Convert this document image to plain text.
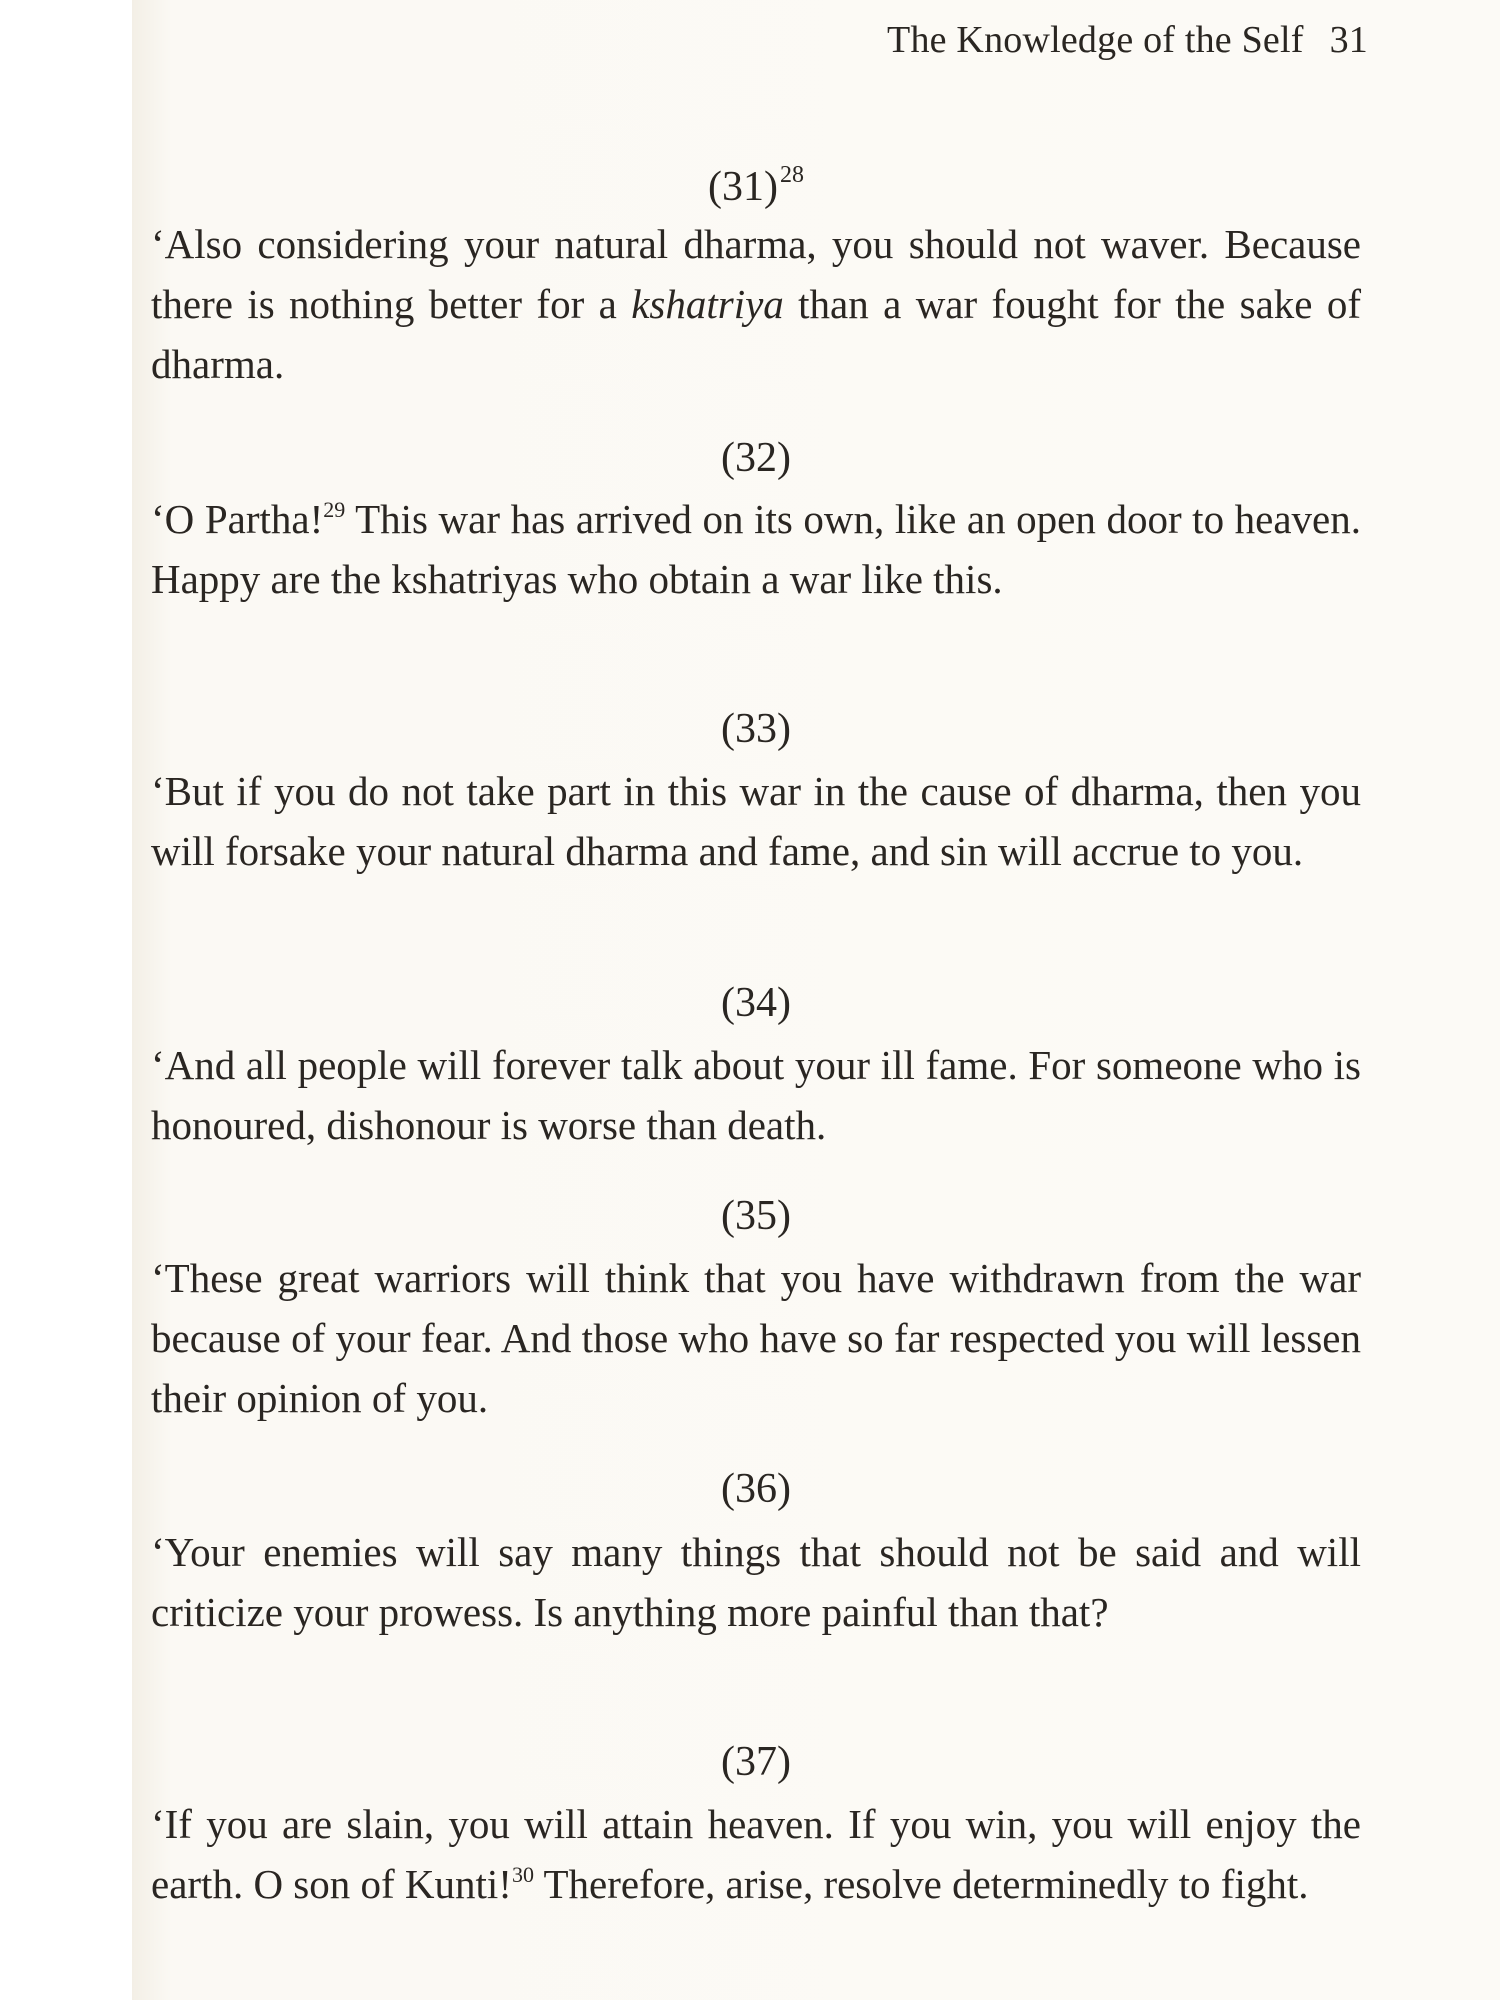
The Knowledge of the Self 31
$(31)^{28}$

‘Also considering your natural dharma, you should not waver. Because there is nothing better for a kshatriya than a war fought for the sake of dharma.

(32)

‘O Partha!$^{29}$ This war has arrived on its own, like an open door to heaven. Happy are the kshatriyas who obtain a war like this.

(33)

‘But if you do not take part in this war in the cause of dharma, then you will forsake your natural dharma and fame, and sin will accrue to you.

(34)

‘And all people will forever talk about your ill fame. For someone who is honoured, dishonour is worse than death.

(35)

‘These great warriors will think that you have withdrawn from the war because of your fear. And those who have so far respected you will lessen their opinion of you.

(36)

‘Your enemies will say many things that should not be said and will criticize your prowess. Is anything more painful than that?

(37)

‘If you are slain, you will attain heaven. If you win, you will enjoy the earth. O son of Kunti!$^{30}$ Therefore, arise, resolve determinedly to fight.
